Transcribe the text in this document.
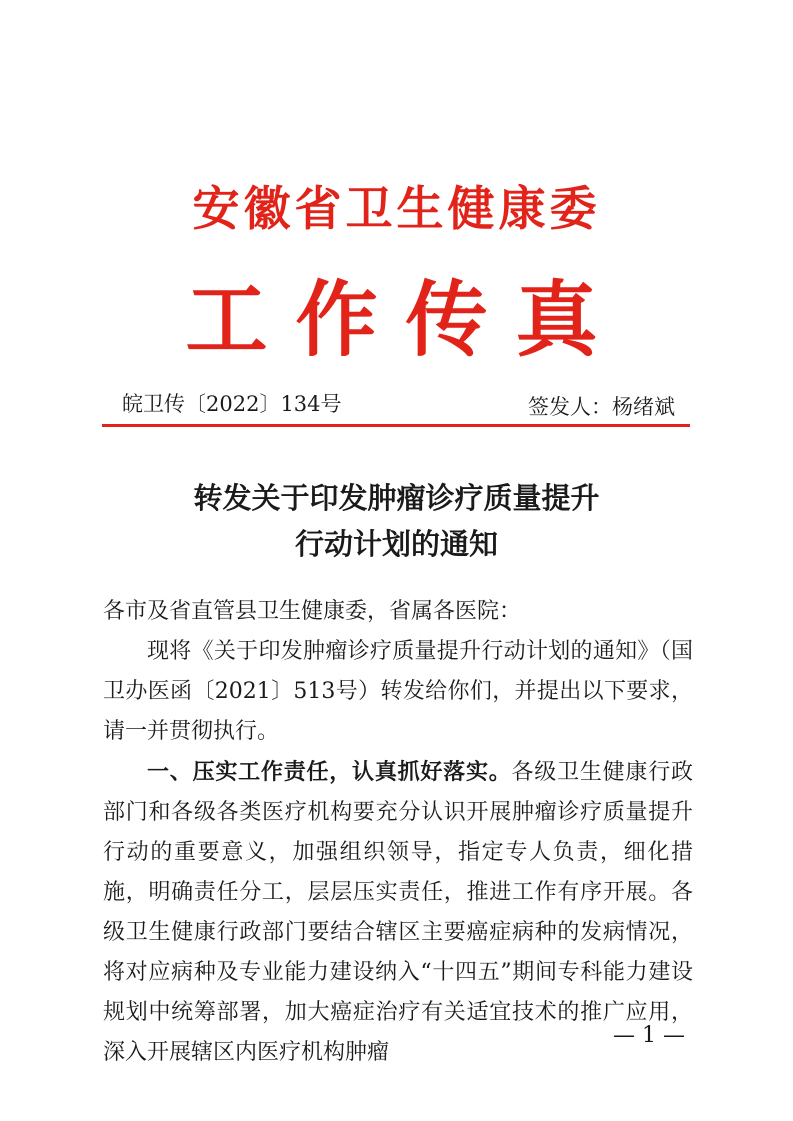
安徽省卫生健康委
工作传真
皖卫传〔2022〕134号	签发人：杨绪斌
转发关于印发肿瘤诊疗质量提升
行动计划的通知

各市及省直管县卫生健康委，省属各医院：

现将《关于印发肿瘤诊疗质量提升行动计划的通知》（国卫办医函〔2021〕513号）转发给你们，并提出以下要求，请一并贯彻执行。

一、压实工作责任，认真抓好落实。各级卫生健康行政部门和各级各类医疗机构要充分认识开展肿瘤诊疗质量提升行动的重要意义，加强组织领导，指定专人负责，细化措施，明确责任分工，层层压实责任，推进工作有序开展。各级卫生健康行政部门要结合辖区主要癌症病种的发病情况，将对应病种及专业能力建设纳入“十四五”期间专科能力建设规划中统筹部署，加大癌症治疗有关适宜技术的推广应用，深入开展辖区内医疗机构肿瘤

— 1 —
